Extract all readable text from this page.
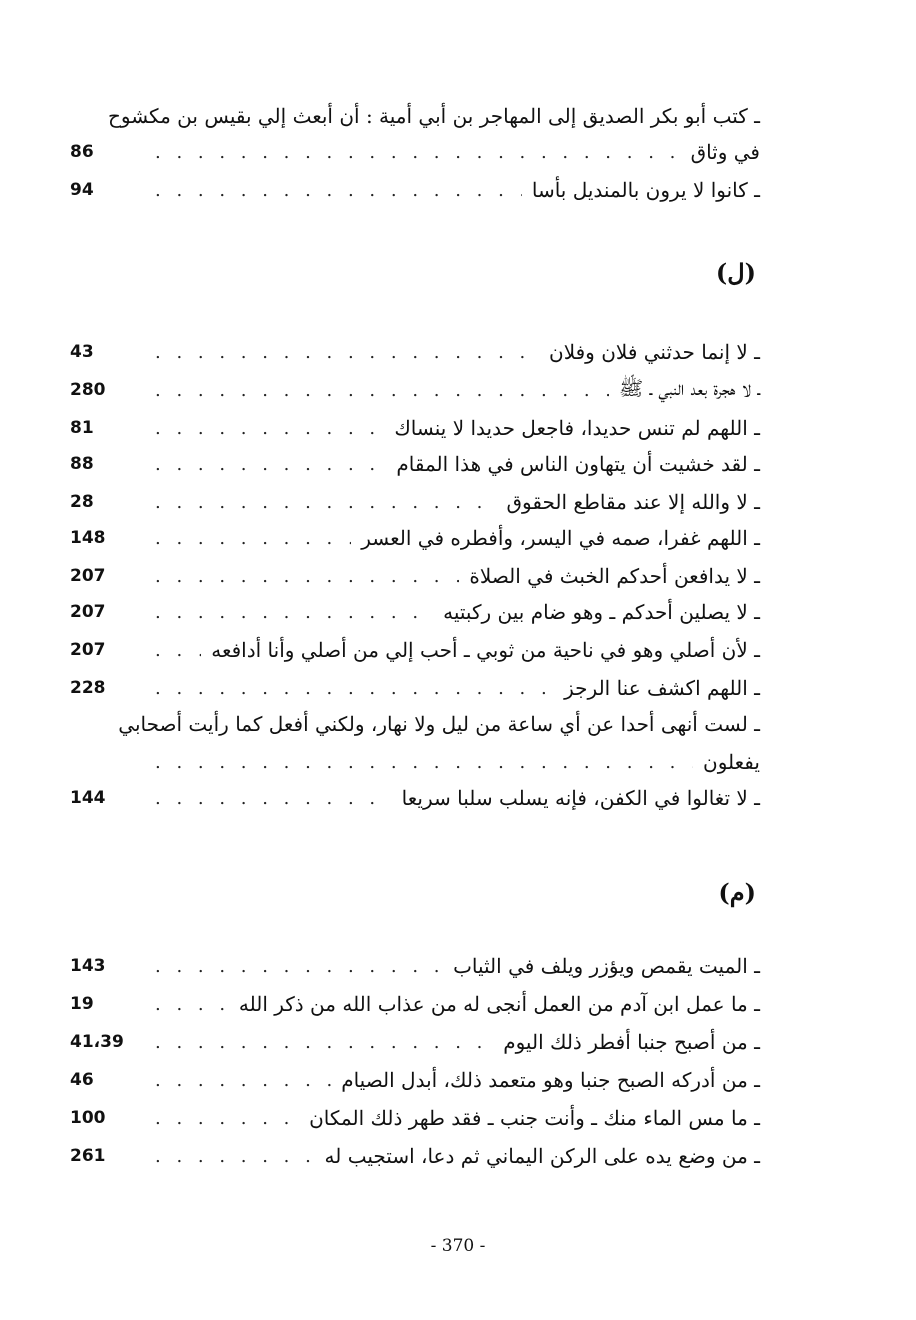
ـ كتب أبو بكر الصديق إلى المهاجر بن أبي أمية : أن أبعث إلي بقيس بن مكشوح
في وثاق
. . .
86
ـ كانوا لا يرون بالمنديل بأسا
. . .
94
(ل)
ـ لا إنما حدثني فلان وفلان
. . .
43
ـ لا هجرة بعد النبي ـ ﷺ
. . .
280
ـ اللهم لم تنس حديدا، فاجعل حديدا لا ينساك
. . .
81
ـ لقد خشيت أن يتهاون الناس في هذا المقام
. . .
88
ـ لا والله إلا عند مقاطع الحقوق
. . .
28
ـ اللهم غفرا، صمه في اليسر، وأفطره في العسر
. . .
148
ـ لا يدافعن أحدكم الخبث في الصلاة
. . .
207
ـ لا يصلين أحدكم ـ وهو ضام بين ركبتيه
. . .
207
ـ لأن أصلي وهو في ناحية من ثوبي ـ أحب إلي من أصلي وأنا أدافعه
. . .
207
ـ اللهم اكشف عنا الرجز
. . .
228
ـ لست أنهى أحدا عن أي ساعة من ليل ولا نهار، ولكني أفعل كما رأيت أصحابي
يفعلون
. . .
ـ لا تغالوا في الكفن، فإنه يسلب سلبا سريعا
. . .
144
(م)
ـ الميت يقمص ويؤزر ويلف في الثياب
. . .
143
ـ ما عمل ابن آدم من العمل أنجى له من عذاب الله من ذكر الله
. . .
19
ـ من أصبح جنبا أفطر ذلك اليوم
. . .
41،39
ـ من أدركه الصبح جنبا وهو متعمد ذلك، أبدل الصيام
. . .
46
ـ ما مس الماء منك ـ وأنت جنب ـ فقد طهر ذلك المكان
. . .
100
ـ من وضع يده على الركن اليماني ثم دعا، استجيب له
. . .
261
- 370 -
